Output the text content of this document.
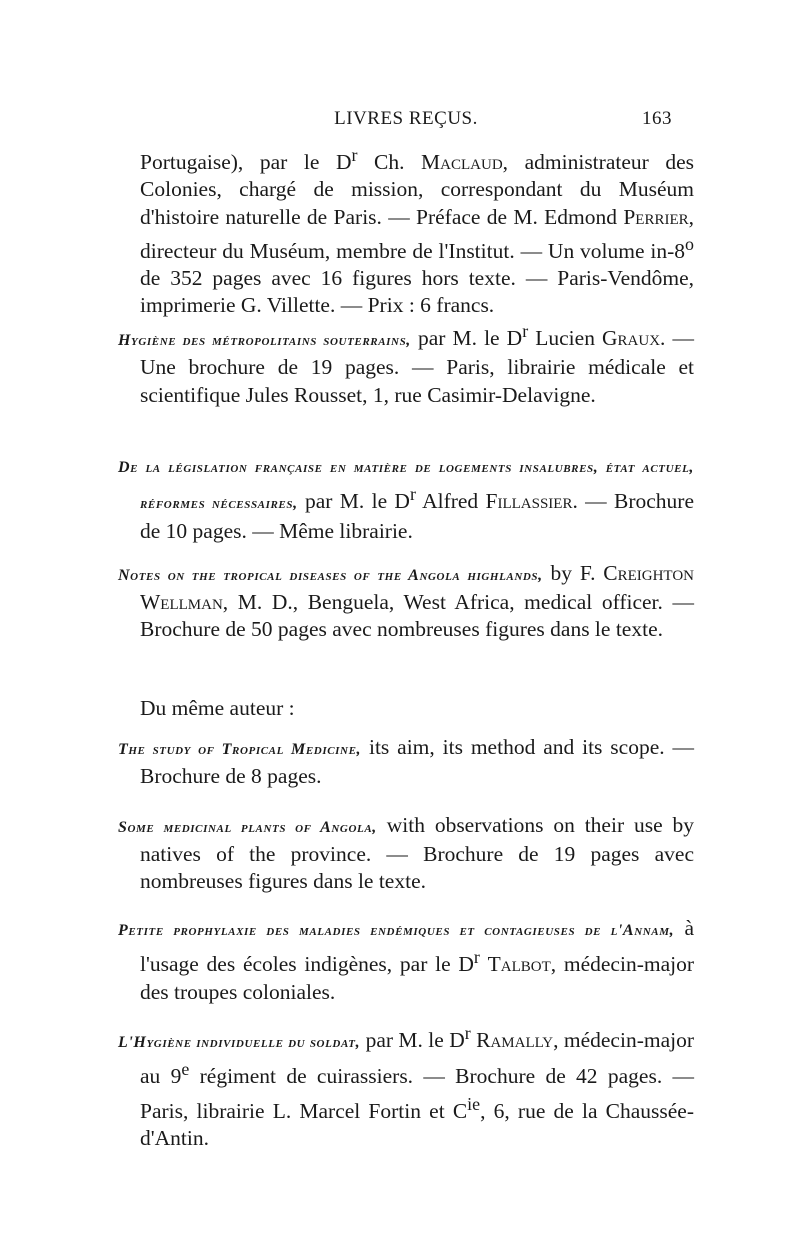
LIVRES REÇUS.	163
Portugaise), par le $D^r$ Ch. Maclaud, administrateur des Colonies, chargé de mission, correspondant du Muséum d'histoire naturelle de Paris. — Préface de M. Edmond Perrier, directeur du Muséum, membre de l'Institut. — Un volume in-8$^o$ de 352 pages avec 16 figures hors texte. — Paris-Vendôme, imprimerie G. Villette. — Prix : 6 francs.
Hygiène des métropolitains souterrains, par M. le $D^r$ Lucien Graux. — Une brochure de 19 pages. — Paris, librairie médicale et scientifique Jules Rousset, 1, rue Casimir-Delavigne.
De la législation française en matière de logements insalubres, état actuel, réformes nécessaires, par M. le $D^r$ Alfred Fillassier. — Brochure de 10 pages. — Même librairie.
Notes on the tropical diseases of the Angola highlands, by F. Creighton Wellman, M. D., Benguela, West Africa, medical officer. — Brochure de 50 pages avec nombreuses figures dans le texte.
Du même auteur :
The study of Tropical Medicine, its aim, its method and its scope. — Brochure de 8 pages.
Some medicinal plants of Angola, with observations on their use by natives of the province. — Brochure de 19 pages avec nombreuses figures dans le texte.
Petite prophylaxie des maladies endémiques et contagieuses de l'Annam, à l'usage des écoles indigènes, par le $D^r$ Talbot, médecin-major des troupes coloniales.
L'Hygiène individuelle du soldat, par M. le $D^r$ Ramally, médecin-major au 9e régiment de cuirassiers. — Brochure de 42 pages. — Paris, librairie L. Marcel Fortin et $C^{ie}$, 6, rue de la Chaussée-d'Antin.
